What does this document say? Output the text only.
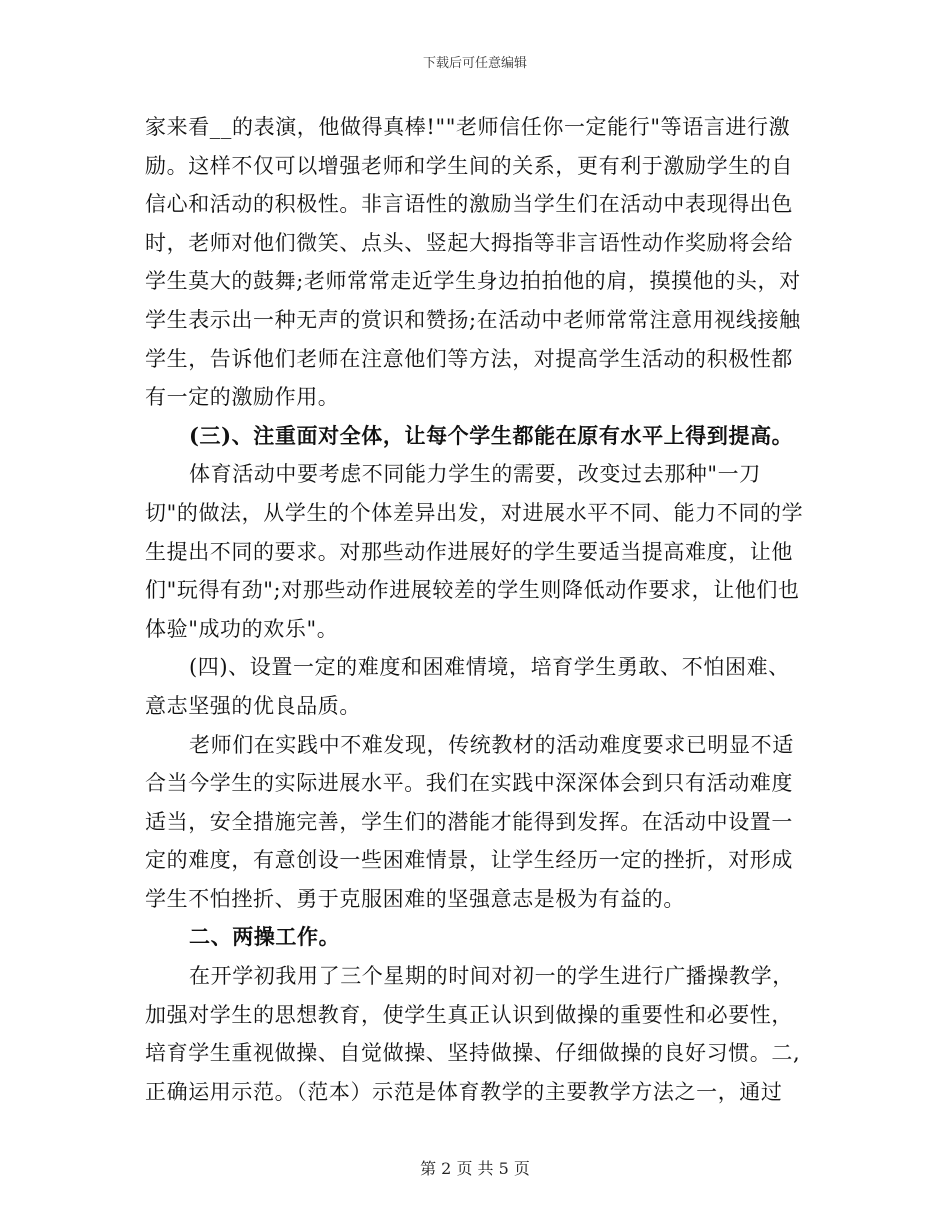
下载后可任意编辑
家来看__的表演，他做得真棒!""老师信任你一定能行"等语言进行激
励。这样不仅可以增强老师和学生间的关系，更有利于激励学生的自
信心和活动的积极性。非言语性的激励当学生们在活动中表现得出色
时，老师对他们微笑、点头、竖起大拇指等非言语性动作奖励将会给
学生莫大的鼓舞;老师常常走近学生身边拍拍他的肩，摸摸他的头，对
学生表示出一种无声的赏识和赞扬;在活动中老师常常注意用视线接触
学生，告诉他们老师在注意他们等方法，对提高学生活动的积极性都
有一定的激励作用。
(三)、注重面对全体，让每个学生都能在原有水平上得到提高。
体育活动中要考虑不同能力学生的需要，改变过去那种"一刀
切"的做法，从学生的个体差异出发，对进展水平不同、能力不同的学
生提出不同的要求。对那些动作进展好的学生要适当提高难度，让他
们"玩得有劲";对那些动作进展较差的学生则降低动作要求，让他们也
体验"成功的欢乐"。
(四)、设置一定的难度和困难情境，培育学生勇敢、不怕困难、
意志坚强的优良品质。
老师们在实践中不难发现，传统教材的活动难度要求已明显不适
合当今学生的实际进展水平。我们在实践中深深体会到只有活动难度
适当，安全措施完善，学生们的潜能才能得到发挥。在活动中设置一
定的难度，有意创设一些困难情景，让学生经历一定的挫折，对形成
学生不怕挫折、勇于克服困难的坚强意志是极为有益的。
二、两操工作。
在开学初我用了三个星期的时间对初一的学生进行广播操教学，
加强对学生的思想教育，使学生真正认识到做操的重要性和必要性，
培育学生重视做操、自觉做操、坚持做操、仔细做操的良好习惯。二,
正确运用示范。（范本）示范是体育教学的主要教学方法之一，通过
第 2 页 共 5 页
